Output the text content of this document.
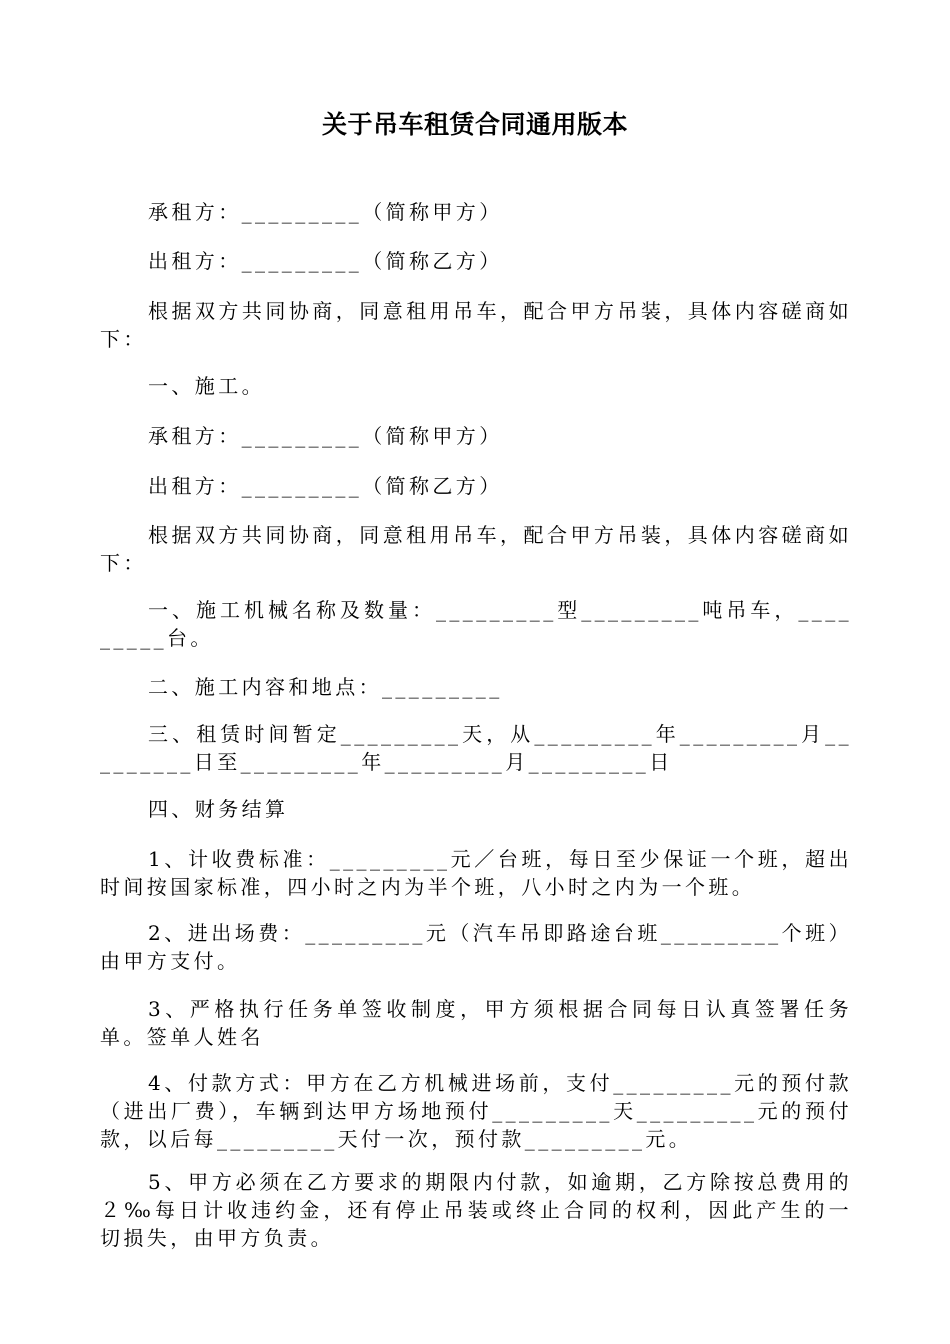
关于吊车租赁合同通用版本
承租方：_________（简称甲方）
出租方：_________（简称乙方）
根据双方共同协商，同意租用吊车，配合甲方吊装，具体内容磋商如下：
一、施工。
承租方：_________（简称甲方）
出租方：_________（简称乙方）
根据双方共同协商，同意租用吊车，配合甲方吊装，具体内容磋商如下：
一、施工机械名称及数量：_________型_________吨吊车，_________台。
二、施工内容和地点：_________
三、租赁时间暂定_________天，从_________年_________月_________日至_________年_________月_________日
四、财务结算
1、计收费标准：_________元／台班，每日至少保证一个班，超出时间按国家标准，四小时之内为半个班，八小时之内为一个班。
2、进出场费：_________元（汽车吊即路途台班_________个班）由甲方支付。
3、严格执行任务单签收制度，甲方须根据合同每日认真签署任务单。签单人姓名
4、付款方式：甲方在乙方机械进场前，支付_________元的预付款（进出厂费），车辆到达甲方场地预付_________天_________元的预付款，以后每_________天付一次，预付款_________元。
5、甲方必须在乙方要求的期限内付款，如逾期，乙方除按总费用的２‰每日计收违约金，还有停止吊装或终止合同的权利，因此产生的一切损失，由甲方负责。
